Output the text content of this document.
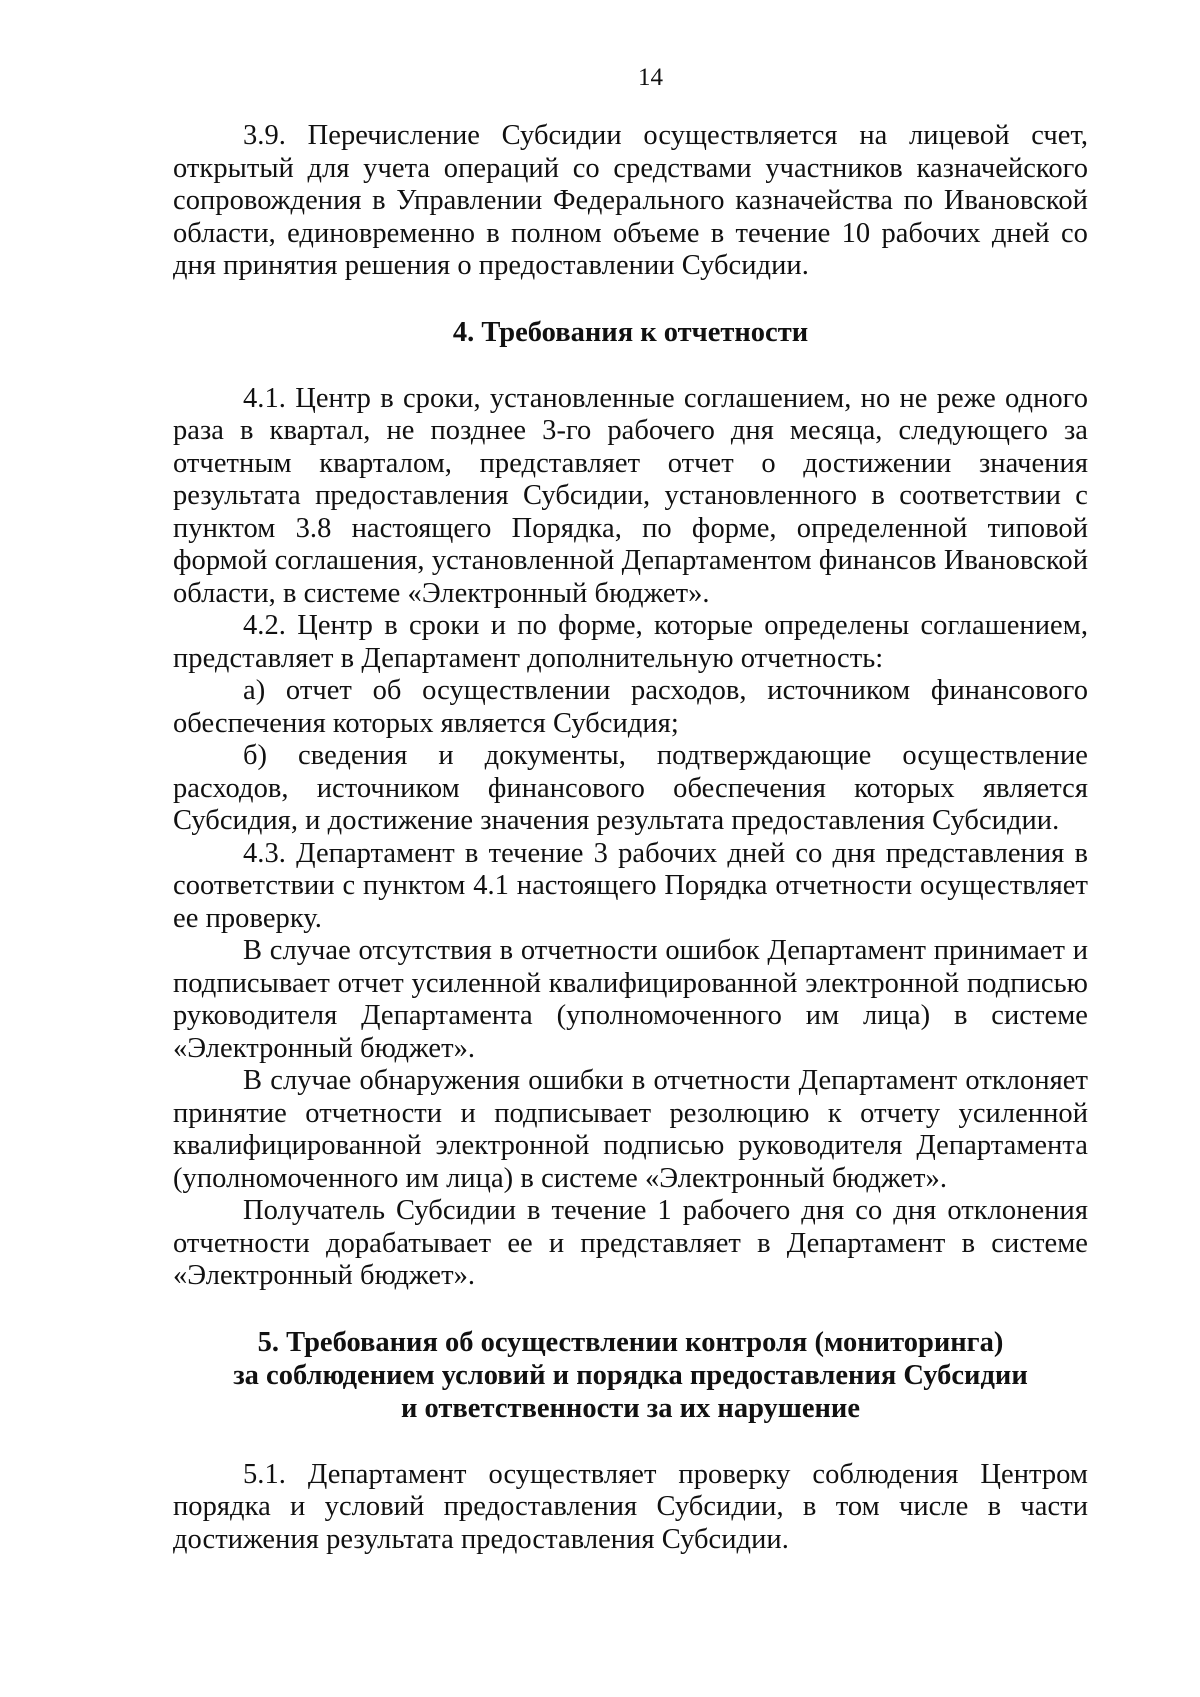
14

3.9. Перечисление Субсидии осуществляется на лицевой счет, открытый для учета операций со средствами участников казначейского сопровождения в Управлении Федерального казначейства по Ивановской области, единовременно в полном объеме в течение 10 рабочих дней со дня принятия решения о предоставлении Субсидии.

4. Требования к отчетности

4.1. Центр в сроки, установленные соглашением, но не реже одного раза в квартал, не позднее 3-го рабочего дня месяца, следующего за отчетным кварталом, представляет отчет о достижении значения результата предоставления Субсидии, установленного в соответствии с пунктом 3.8 настоящего Порядка, по форме, определенной типовой формой соглашения, установленной Департаментом финансов Ивановской области, в системе «Электронный бюджет».

4.2. Центр в сроки и по форме, которые определены соглашением, представляет в Департамент дополнительную отчетность:

а) отчет об осуществлении расходов, источником финансового обеспечения которых является Субсидия;

б) сведения и документы, подтверждающие осуществление расходов, источником финансового обеспечения которых является Субсидия, и достижение значения результата предоставления Субсидии.

4.3. Департамент в течение 3 рабочих дней со дня представления в соответствии с пунктом 4.1 настоящего Порядка отчетности осуществляет ее проверку.

В случае отсутствия в отчетности ошибок Департамент принимает и подписывает отчет усиленной квалифицированной электронной подписью руководителя Департамента (уполномоченного им лица) в системе «Электронный бюджет».

В случае обнаружения ошибки в отчетности Департамент отклоняет принятие отчетности и подписывает резолюцию к отчету усиленной квалифицированной электронной подписью руководителя Департамента (уполномоченного им лица) в системе «Электронный бюджет».

Получатель Субсидии в течение 1 рабочего дня со дня отклонения отчетности дорабатывает ее и представляет в Департамент в системе «Электронный бюджет».

5. Требования об осуществлении контроля (мониторинга)
за соблюдением условий и порядка предоставления Субсидии
и ответственности за их нарушение

5.1. Департамент осуществляет проверку соблюдения Центром порядка и условий предоставления Субсидии, в том числе в части достижения результата предоставления Субсидии.
